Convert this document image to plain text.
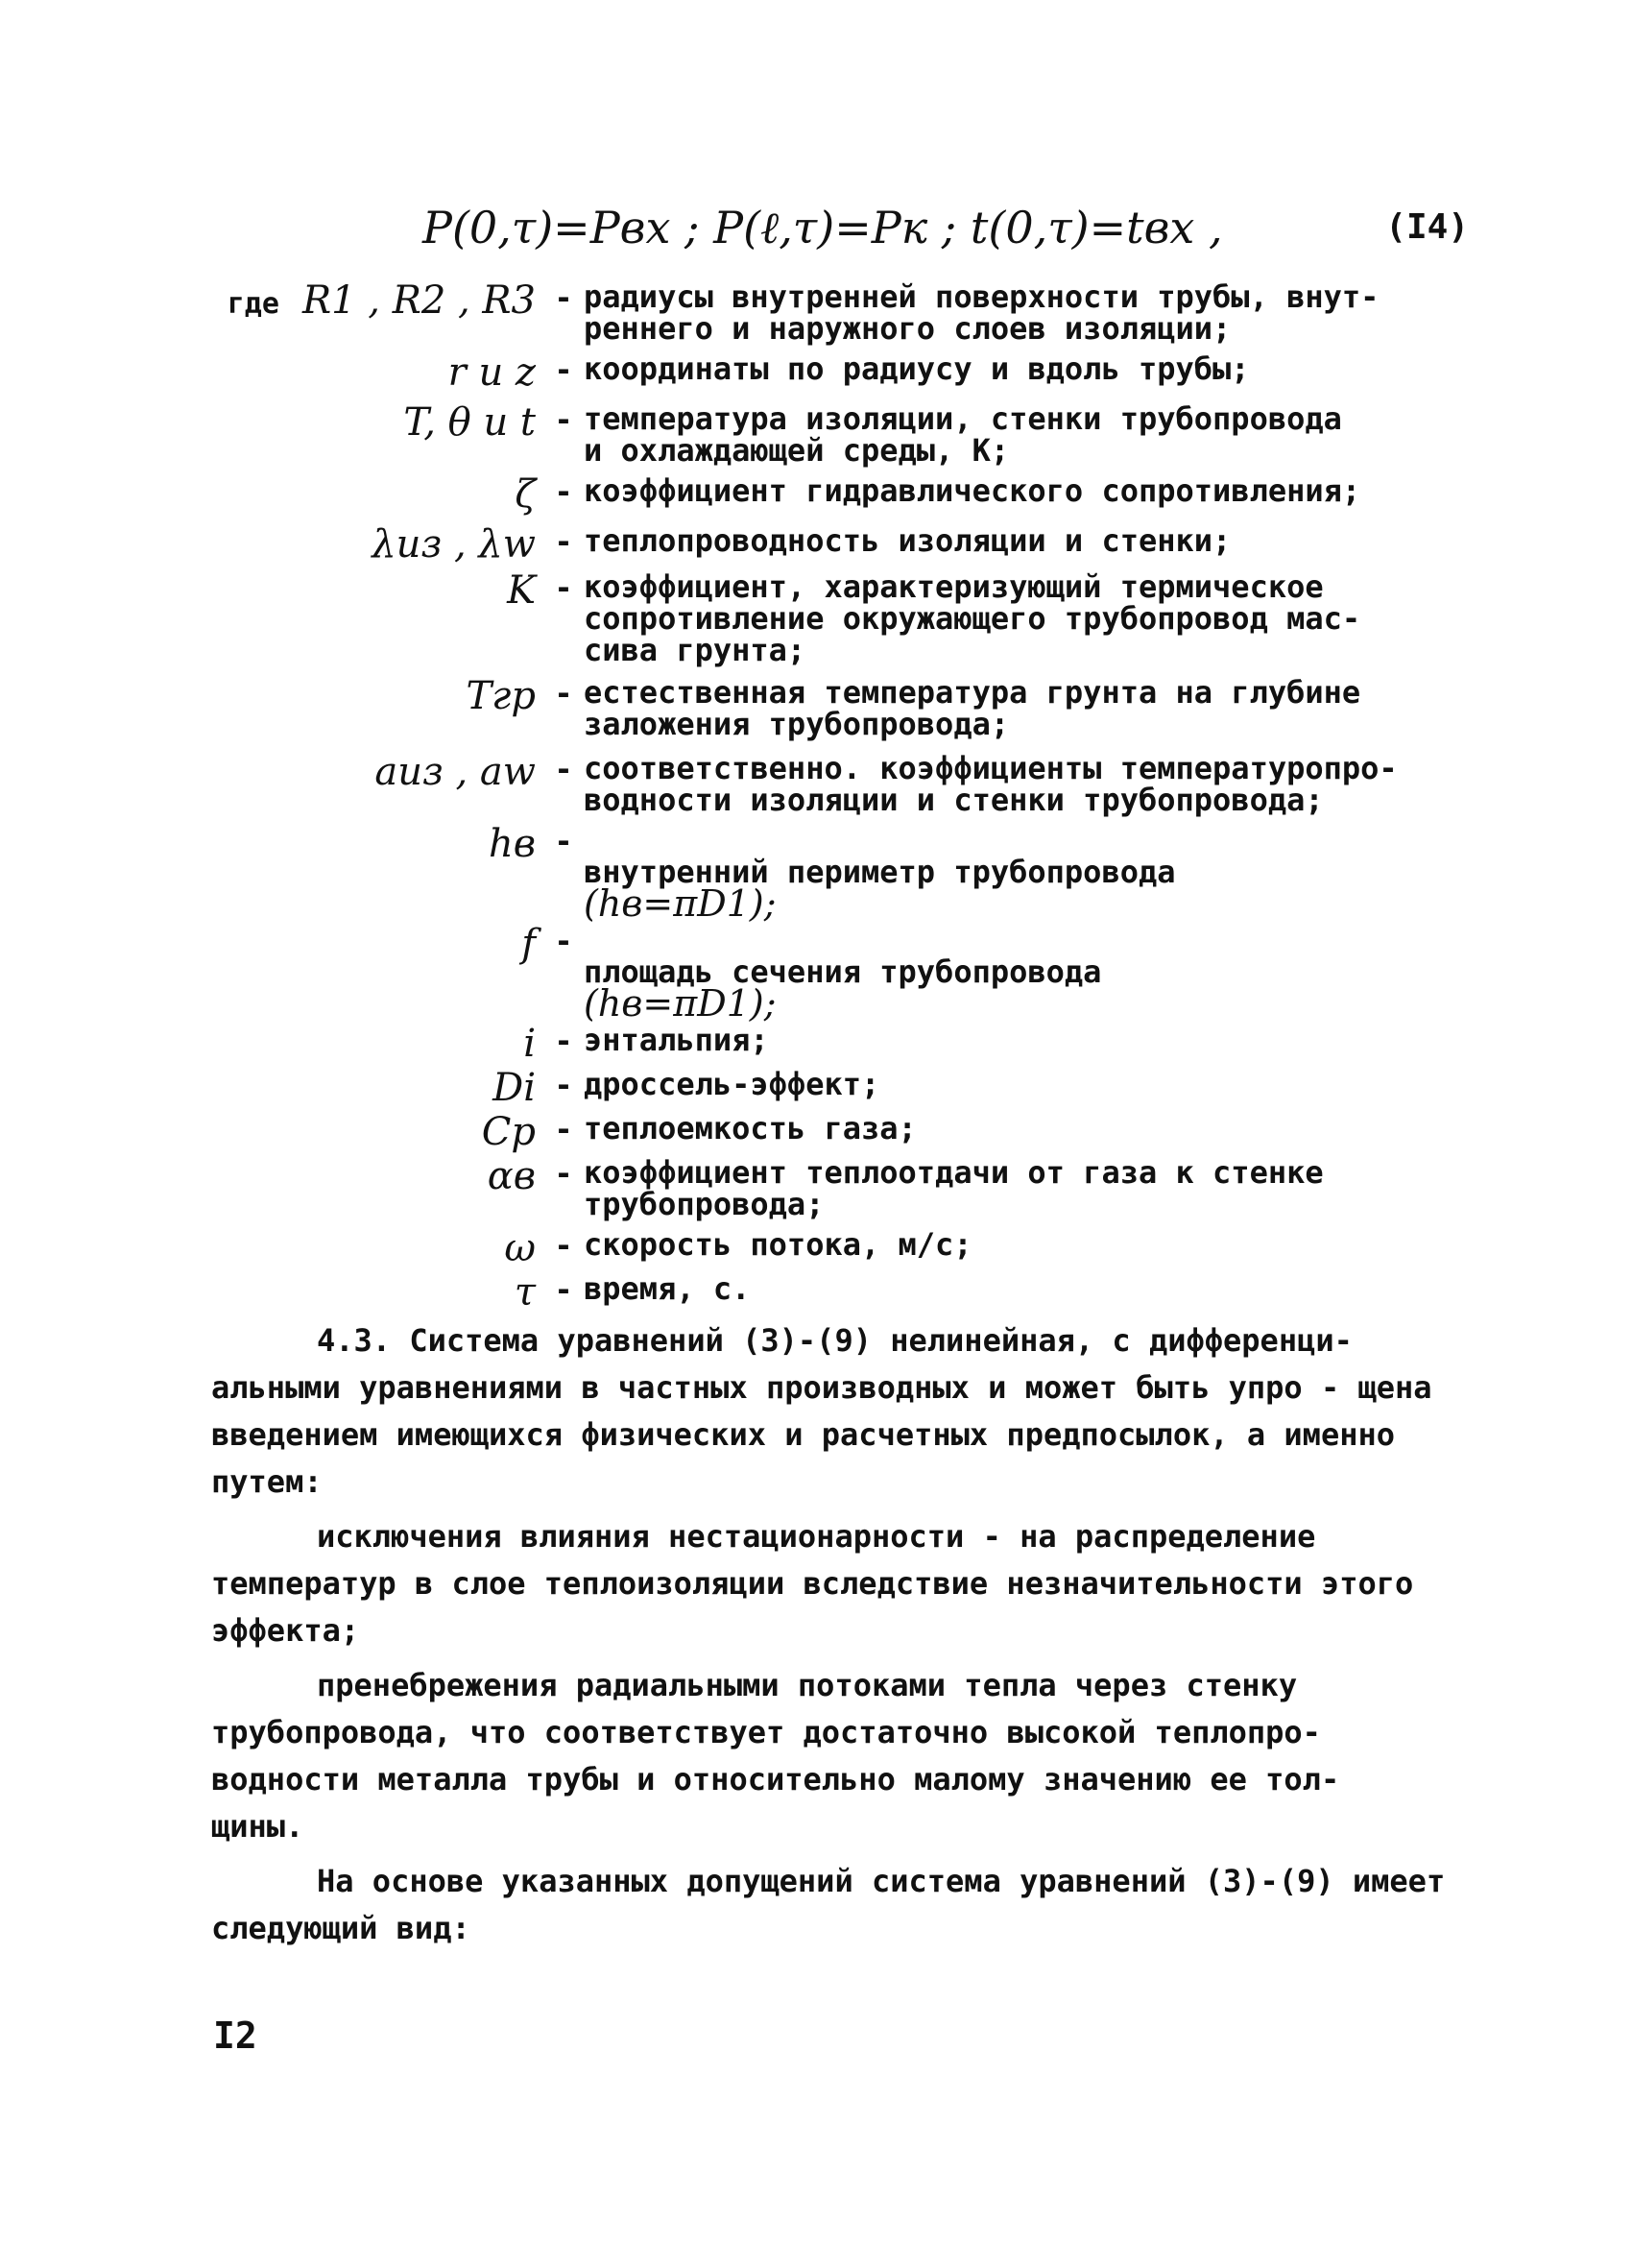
P(0,τ)=Pвх ; P(ℓ,τ)=Pк ; t(0,τ)=tвх ,	(I4)
где R1 , R2 , R3 - радиусы внутренней поверхности трубы, внут-
реннего и наружного слоев изоляции;
r и z - координаты по радиусу и вдоль трубы;
T, θ и t - температура изоляции, стенки трубопровода
и охлаждающей среды, К;
ζ - коэффициент гидравлического сопротивления;
λиз , λw - теплопроводность изоляции и стенки;
K - коэффициент, характеризующий термическое
сопротивление окружающего трубопровод мас-
сива грунта;
Tгр - естественная температура грунта на глубине
заложения трубопровода;
aиз , aw - соответственно. коэффициенты температуропро-
водности изоляции и стенки трубопровода;
hв -

внутренний периметр трубопровода
(hв=πD1);

f -

площадь сечения трубопровода
(hв=πD1);

i - энтальпия;
Di - дроссель-эффект;
Cp - теплоемкость газа;
αв - коэффициент теплоотдачи от газа к стенке
трубопровода;
ω - скорость потока, м/с;
τ - время, с.

4.3. Система уравнений (3)-(9) нелинейная, с дифференци- альными уравнениями в частных производных и может быть упро - щена введением имеющихся физических и расчетных предпосылок, а именно путем:

исключения влияния нестационарности - на распределение температур в слое теплоизоляции вследствие незначительности этого эффекта;

пренебрежения радиальными потоками тепла через стенку трубопровода, что соответствует достаточно высокой теплопро- водности металла трубы и относительно малому значению ее тол- щины.

На основе указанных допущений система уравнений (3)-(9) имеет следующий вид:

I2
